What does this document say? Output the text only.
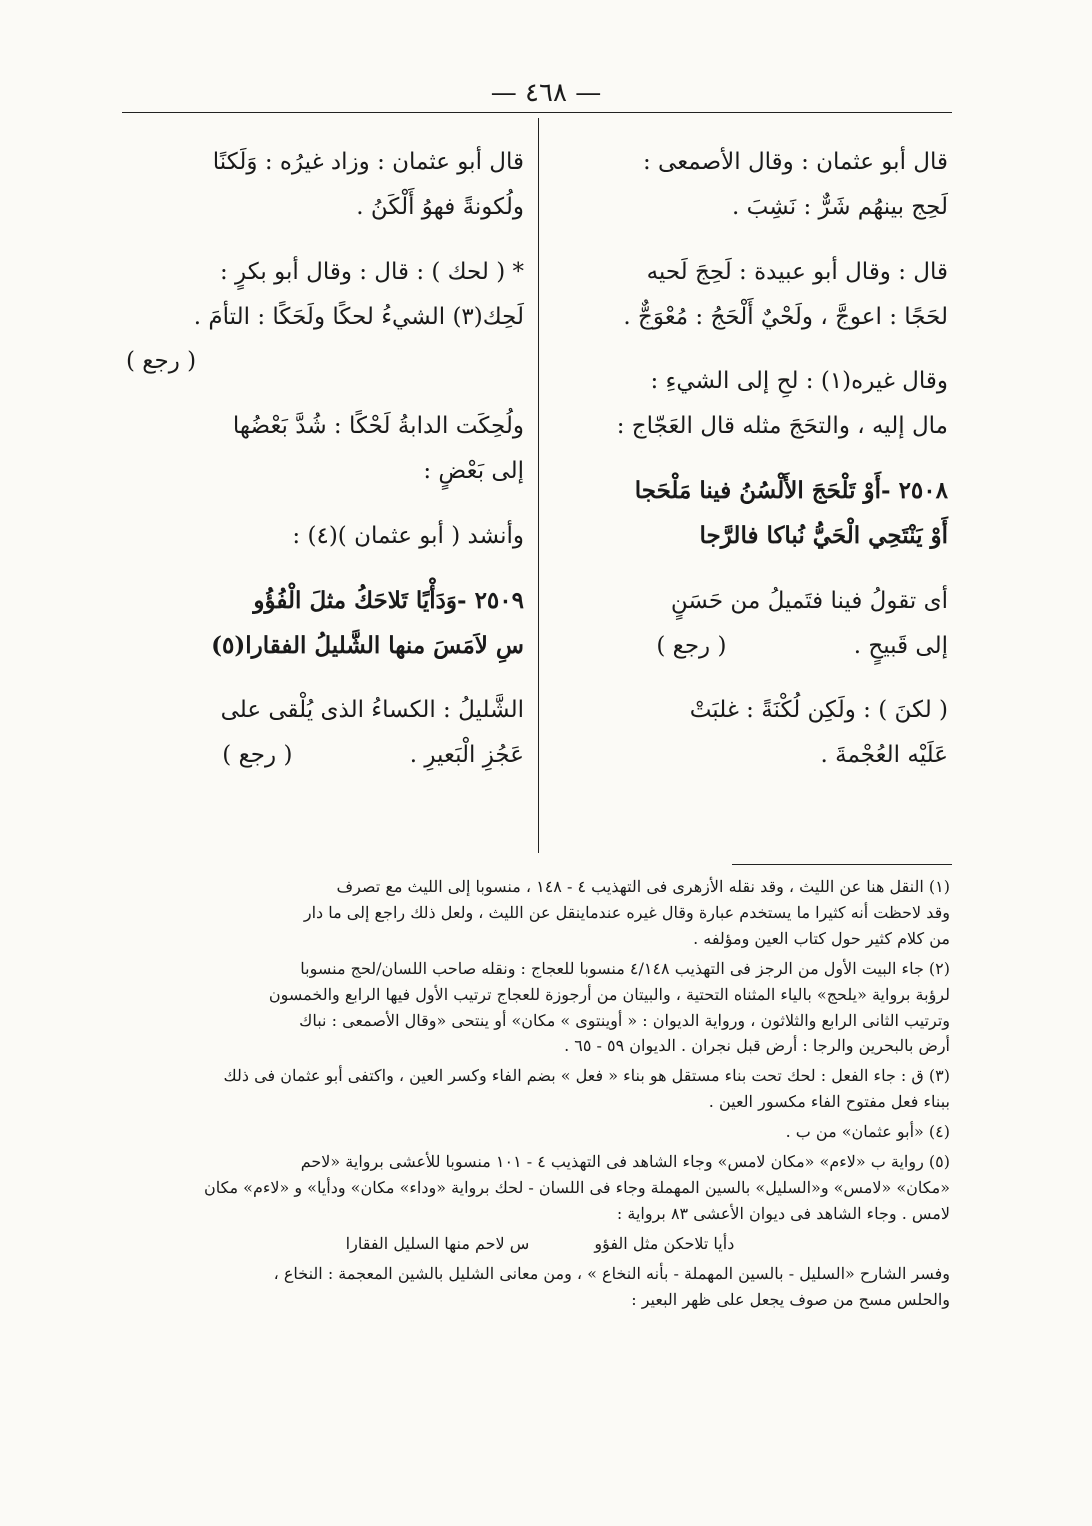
— ٤٦٨ —
قال أبو عثمان : وقال الأصمعى :
لَحِج بينهُم شَرٌّ : نَشِبَ .
قال : وقال أبو عبيدة : لَحِجَ لَحيه
لحَجًا : اعوجَّ ، ولَحْيٌ أَلْحَجُ : مُعْوَجٌّ .
وقال غيره(١) : لحِ إلى الشيءِ :
مال إليه ، والتحَجَ مثله قال العَجّاج :
٢٥٠٨ -أَوْ تَلْحَجَ الأَلْسُنُ فينا مَلْحَجا
أَوْ يَنْتَحِي الْحَيُّ نُباكا فالرَّجا
أى تقولُ فينا فتَميلُ من حَسَنٍ
إلى قَبيحٍ . ( رجع )
( لكنَ ) : ولَكِن لُكْنَةً : غلبَتْ
عَلَيْه العُجْمةَ .
قال أبو عثمان : وزاد غيرُه : وَلَكنًا
ولُكونةً فهوُ أَلْكَنُ .
* ( لحك ) : قال : وقال أبو بكرٍ :
لَحِك(٣) الشيءُ لحكًا ولَحَكًا : التأمَ .
( رجع )
ولُحِكَت الدابةُ لَحْكًا : شُدَّ بَعْضُها
إلى بَعْضٍ :
وأنشد ( أبو عثمان )(٤) :
٢٥٠٩ -وَدَأْيًا تَلاحَكُ مثلَ الْفُؤُو
سِ لاَمَسَ منها الشَّليلُ الفقارا(٥)
الشَّليلُ : الكساءُ الذى يُلْقى على
عَجُزِ الْبَعيرِ . ( رجع )

(١) النقل هنا عن الليث ، وقد نقله الأزهرى فى التهذيب ٤ - ١٤٨ ، منسوبا إلى الليث مع تصرف
وقد لاحظت أنه كثيرا ما يستخدم عبارة وقال غيره عندماينقل عن الليث ، ولعل ذلك راجع إلى ما دار
من كلام كثير حول كتاب العين ومؤلفه .

(٢) جاء البيت الأول من الرجز فى التهذيب ٤/١٤٨ منسوبا للعجاج : ونقله صاحب اللسان/لحج منسوبا
لرؤبة برواية «يلحج» بالياء المثناه التحتية ، والبيتان من أرجوزة للعجاج ترتيب الأول فيها الرابع والخمسون
وترتيب الثانى الرابع والثلاثون ، ورواية الديوان : « أوينتوى » مكان» أو ينتحى «وقال الأصمعى : نباك
أرض بالبحرين والرجا : أرض قبل نجران . الديوان ٥٩ - ٦٥ .

(٣) ق : جاء الفعل : لحك تحت بناء مستقل هو بناء « فعل » بضم الفاء وكسر العين ، واكتفى أبو عثمان فى ذلك
ببناء فعل مفتوح الفاء مكسور العين .

(٤) «أبو عثمان» من ب .

(٥) رواية ب «لاءم» «مكان لامس» وجاء الشاهد فى التهذيب ٤ - ١٠١ منسوبا للأعشى برواية «لاحم
«مكان» «لامس» و«السليل» بالسين المهملة وجاء فى اللسان - لحك برواية «وداء» مكان» ودأيا» و «لاءم» مكان
لامس . وجاء الشاهد فى ديوان الأعشى ٨٣ برواية :

دأيا تلاحكن مثل الفؤو س لاحم منها السليل الفقارا

وفسر الشارح «السليل - بالسين المهملة - بأنه النخاع » ، ومن معانى الشليل بالشين المعجمة : النخاع ،
والحلس مسح من صوف يجعل على ظهر البعير :
